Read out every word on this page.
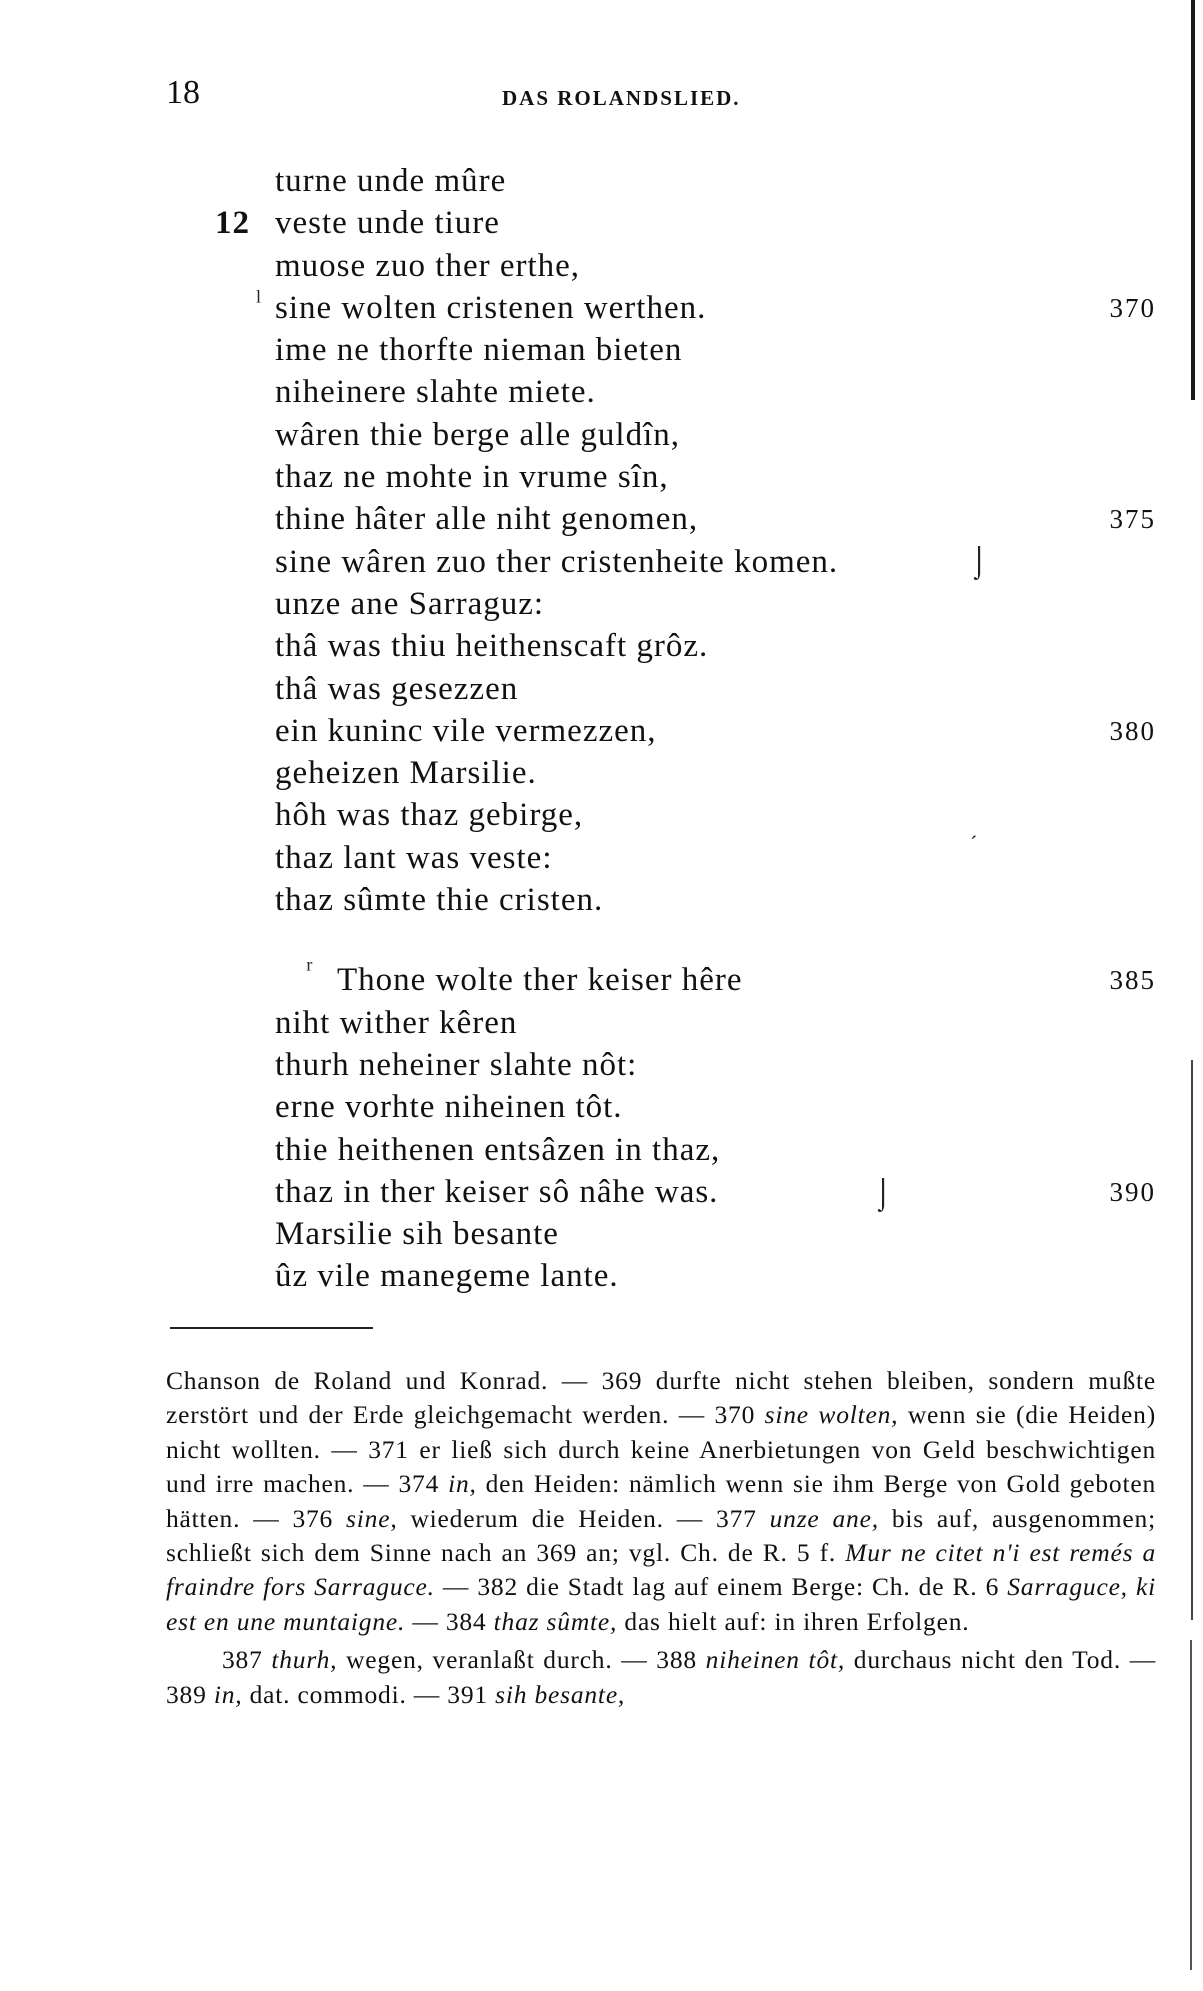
18	DAS ROLANDSLIED.
turne unde mûre
12 veste unde tiure
muose zuo ther erthe,
ˡ sine wolten cristenen werthen.	370
ime ne thorfte nieman bieten
niheinere slahte miete.
wâren thie berge alle guldîn,
thaz ne mohte in vrume sîn,
thine hâter alle niht genomen,	375
sine wâren zuo ther cristenheite komen.	⌡
unze ane Sarraguz:
thâ was thiu heithenscaft grôz.
thâ was gesezzen
ein kuninc vile vermezzen,	380
geheizen Marsilie.
hôh was thaz gebirge,
thaz lant was veste:	ˊ
thaz sûmte thie cristen.
ʳ Thone wolte ther keiser hêre	385
niht wither kêren
thurh neheiner slahte nôt:
erne vorhte niheinen tôt.
thie heithenen entsâzen in thaz,
thaz in ther keiser sô nâhe was.	⌡	390
Marsilie sih besante
ûz vile manegeme lante.

Chanson de Roland und Konrad. — 369 durfte nicht stehen bleiben, sondern mußte zerstört und der Erde gleichgemacht werden. — 370 sine wolten, wenn sie (die Heiden) nicht wollten. — 371 er ließ sich durch keine Anerbietungen von Geld beschwichtigen und irre machen. — 374 in, den Heiden: nämlich wenn sie ihm Berge von Gold geboten hätten. — 376 sine, wiederum die Heiden. — 377 unze ane, bis auf, ausgenommen; schließt sich dem Sinne nach an 369 an; vgl. Ch. de R. 5 f. Mur ne citet n'i est remés a fraindre fors Sarraguce. — 382 die Stadt lag auf einem Berge: Ch. de R. 6 Sarraguce, ki est en une muntaigne. — 384 thaz sûmte, das hielt auf: in ihren Erfolgen.

387 thurh, wegen, veranlaßt durch. — 388 niheinen tôt, durchaus nicht den Tod. — 389 in, dat. commodi. — 391 sih besante,
